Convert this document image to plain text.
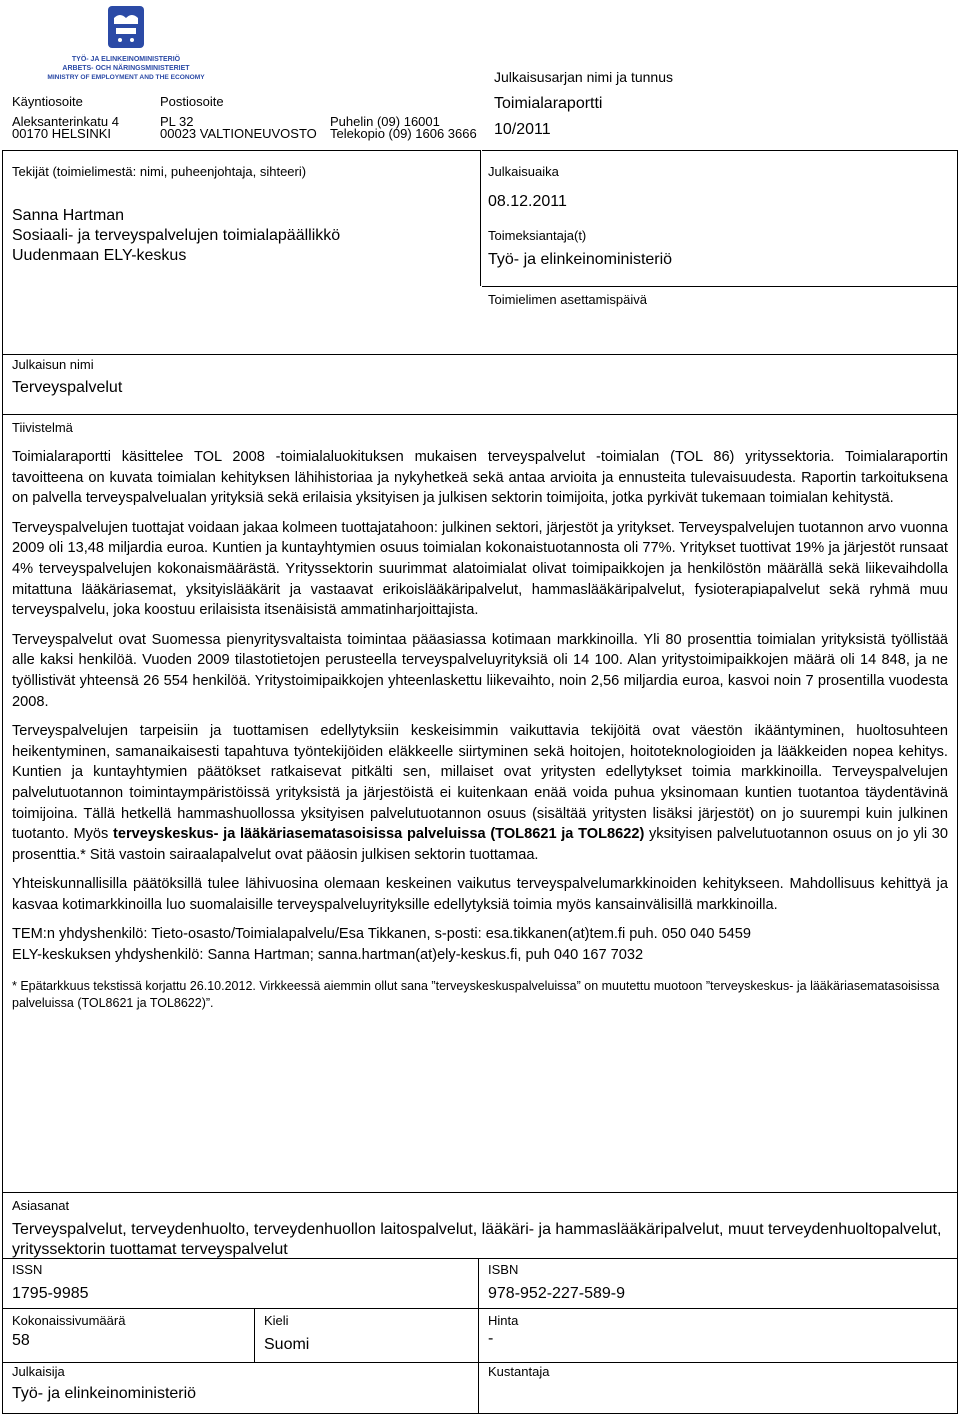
TYÖ- JA ELINKEINOMINISTERIÖ
ARBETS- OCH NÄRINGSMINISTERIET
MINISTRY OF EMPLOYMENT AND THE ECONOMY
Käyntiosoite
Aleksanterinkatu 4
00170 HELSINKI
Postiosoite
PL 32
00023 VALTIONEUVOSTO
Puhelin (09) 16001
Telekopio (09) 1606 3666
Julkaisusarjan nimi ja tunnus
Toimialaraportti
10/2011
Tekijät (toimielimestä: nimi, puheenjohtaja, sihteeri)
Sanna Hartman
Sosiaali- ja terveyspalvelujen toimialapäällikkö
Uudenmaan ELY-keskus
Julkaisuaika
08.12.2011
Toimeksiantaja(t)
Työ- ja elinkeinoministeriö
Toimielimen asettamispäivä
Julkaisun nimi
Terveyspalvelut
Tiivistelmä

Toimialaraportti käsittelee TOL 2008 -toimialaluokituksen mukaisen terveyspalvelut -toimialan (TOL 86) yrityssektoria. Toimialaraportin tavoitteena on kuvata toimialan kehityksen lähihistoriaa ja nykyhetkeä sekä antaa arvioita ja ennusteita tulevaisuudesta. Raportin tarkoituksena on palvella terveyspalvelualan yrityksiä sekä erilaisia yksityisen ja julkisen sektorin toimijoita, jotka pyrkivät tukemaan toimialan kehitystä.

Terveyspalvelujen tuottajat voidaan jakaa kolmeen tuottajatahoon: julkinen sektori, järjestöt ja yritykset. Terveyspalvelujen tuotannon arvo vuonna 2009 oli 13,48 miljardia euroa. Kuntien ja kuntayhtymien osuus toimialan kokonaistuotannosta oli 77%. Yritykset tuottivat 19% ja järjestöt runsaat 4% terveyspalvelujen kokonaismäärästä. Yrityssektorin suurimmat alatoimialat olivat toimipaikkojen ja henkilöstön määrällä sekä liikevaihdolla mitattuna lääkäriasemat, yksityislääkärit ja vastaavat erikoislääkäripalvelut, hammaslääkäripalvelut, fysioterapiapalvelut sekä ryhmä muu terveyspalvelu, joka koostuu erilaisista itsenäisistä ammatinharjoittajista.

Terveyspalvelut ovat Suomessa pienyritysvaltaista toimintaa pääasiassa kotimaan markkinoilla. Yli 80 prosenttia toimialan yrityksistä työllistää alle kaksi henkilöä. Vuoden 2009 tilastotietojen perusteella terveyspalveluyrityksiä oli 14 100. Alan yritystoimipaikkojen määrä oli 14 848, ja ne työllistivät yhteensä 26 554 henkilöä. Yritystoimipaikkojen yhteenlaskettu liikevaihto, noin 2,56 miljardia euroa, kasvoi noin 7 prosentilla vuodesta 2008.

Terveyspalvelujen tarpeisiin ja tuottamisen edellytyksiin keskeisimmin vaikuttavia tekijöitä ovat väestön ikääntyminen, huoltosuhteen heikentyminen, samanaikaisesti tapahtuva työntekijöiden eläkkeelle siirtyminen sekä hoitojen, hoitoteknologioiden ja lääkkeiden nopea kehitys. Kuntien ja kuntayhtymien päätökset ratkaisevat pitkälti sen, millaiset ovat yritysten edellytykset toimia markkinoilla. Terveyspalvelujen palvelutuotannon toimintaympäristöissä yrityksistä ja järjestöistä ei kuitenkaan enää voida puhua yksinomaan kuntien tuotantoa täydentävinä toimijoina. Tällä hetkellä hammashuollossa yksityisen palvelutuotannon osuus (sisältää yritysten lisäksi järjestöt) on jo suurempi kuin julkinen tuotanto. Myös terveyskeskus- ja lääkäriasematasoisissa palveluissa (TOL8621 ja TOL8622) yksityisen palvelutuotannon osuus on jo yli 30 prosenttia.* Sitä vastoin sairaalapalvelut ovat pääosin julkisen sektorin tuottamaa.

Yhteiskunnallisilla päätöksillä tulee lähivuosina olemaan keskeinen vaikutus terveyspalvelumarkkinoiden kehitykseen. Mahdollisuus kehittyä ja kasvaa kotimarkkinoilla luo suomalaisille terveyspalveluyrityksille edellytyksiä toimia myös kansainvälisillä markkinoilla.

TEM:n yhdyshenkilö: Tieto-osasto/Toimialapalvelu/Esa Tikkanen, s-posti: esa.tikkanen(at)tem.fi puh. 050 040 5459

ELY-keskuksen yhdyshenkilö: Sanna Hartman; sanna.hartman(at)ely-keskus.fi, puh 040 167 7032

* Epätarkkuus tekstissä korjattu 26.10.2012. Virkkeessä aiemmin ollut sana ”terveyskeskuspalveluissa” on muutettu muotoon ”terveyskeskus- ja lääkäriasematasoisissa palveluissa (TOL8621 ja TOL8622)”.

Asiasanat
Terveyspalvelut, terveydenhuolto, terveydenhuollon laitospalvelut, lääkäri- ja hammaslääkäripalvelut, muut terveydenhuoltopalvelut, yrityssektorin tuottamat terveyspalvelut
ISSN
1795-9985
ISBN
978-952-227-589-9
Kokonaissivumäärä
58
Kieli
Suomi
Hinta
-
Julkaisija
Työ- ja elinkeinoministeriö
Kustantaja
